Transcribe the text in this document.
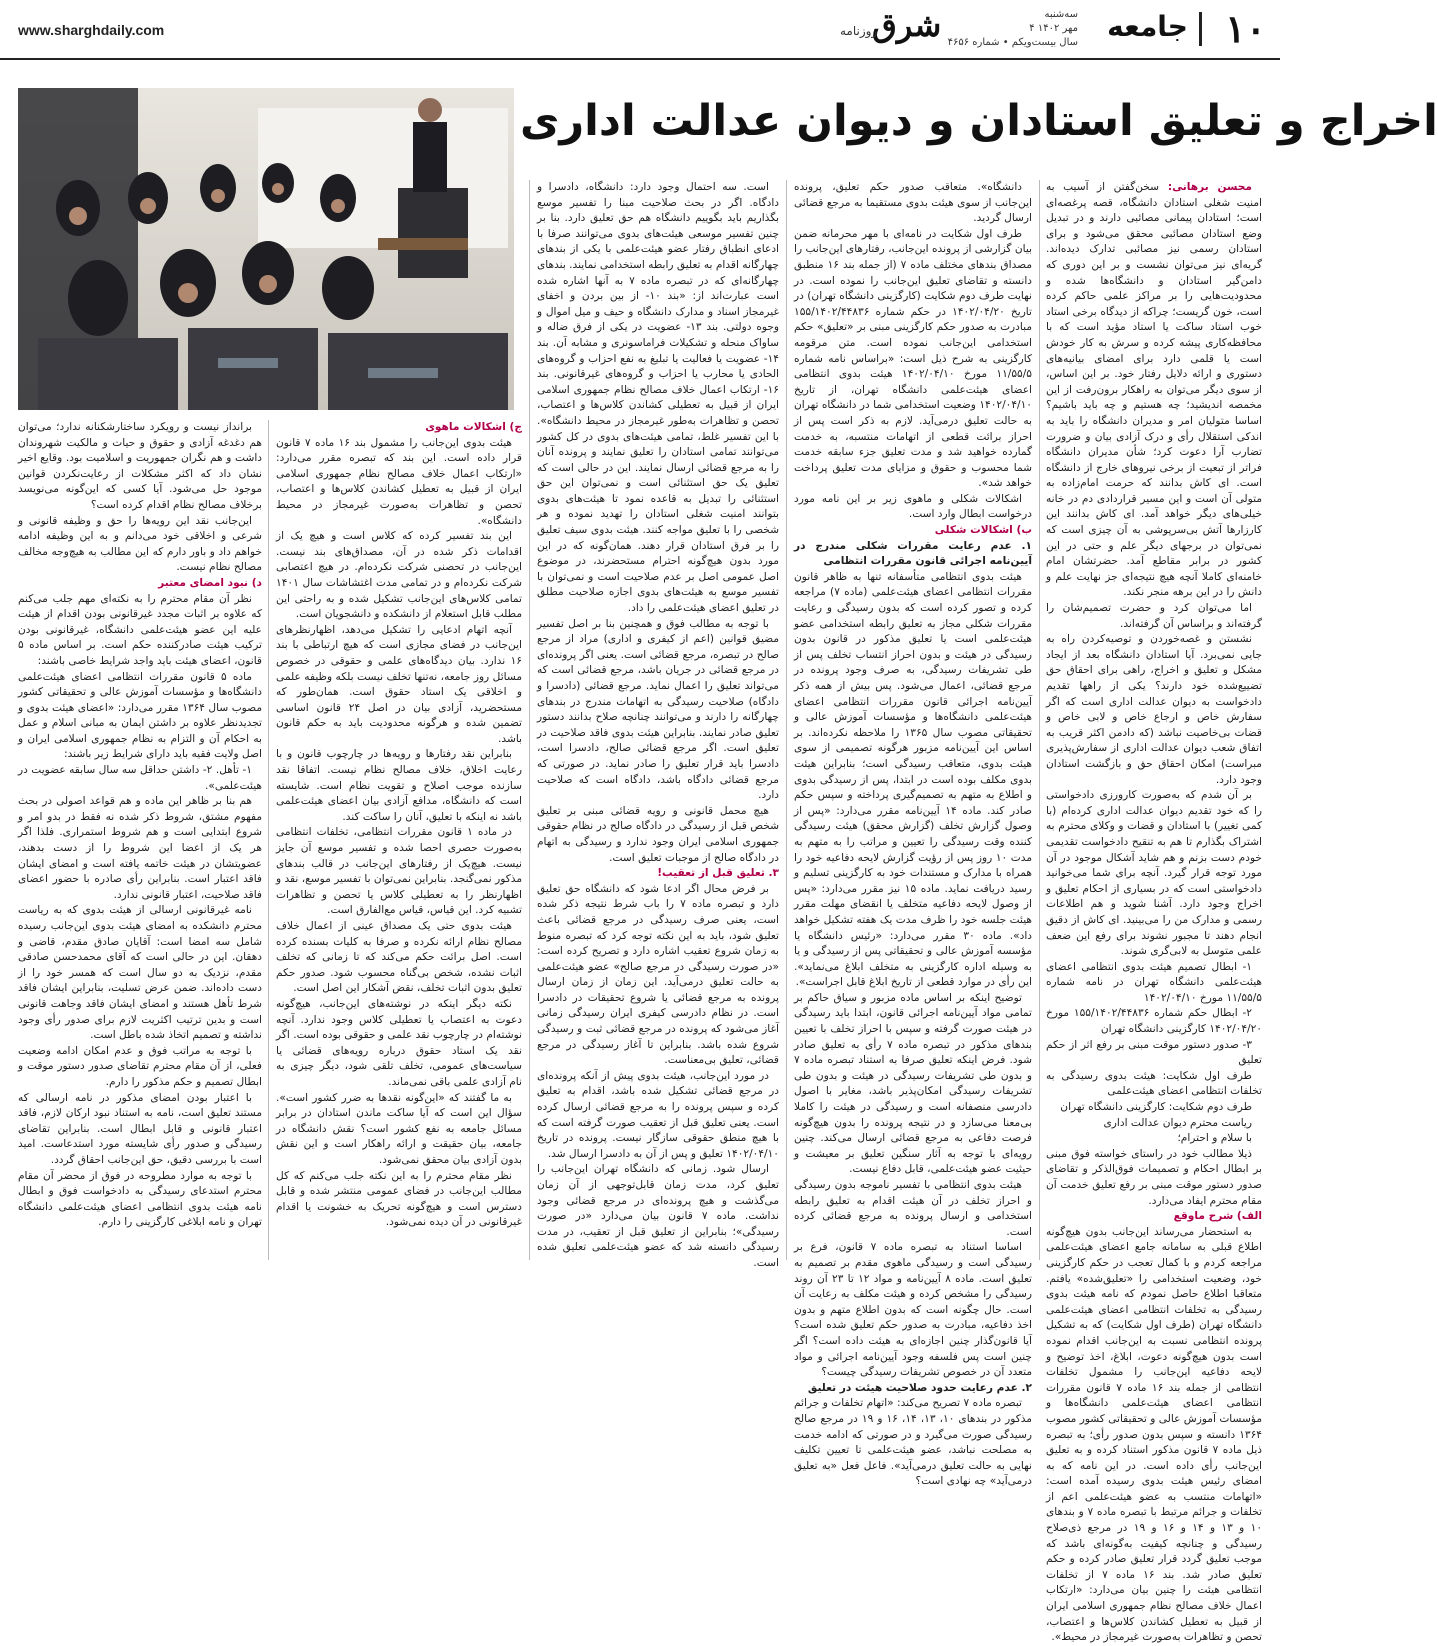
۱۰
جامعه
شرق
روزنامه
سه‌شنبه
۴ مهر ۱۴۰۲
سال بیست‌ویکم • شماره ۴۶۵۶
www.sharghdaily.com
اخراج و تعلیق استادان و دیوان عدالت اداری

محسن برهانی: سخن‌گفتن از آسیب به امنیت شغلی استادان دانشگاه، قصه پرغصه‌ای است؛ استادان پیمانی مصائبی دارند و در تبدیل وضع استادان مصائبی محقق می‌شود و برای استادان رسمی نیز مصائبی تدارک دیده‌اند. گریه‌ای نیز می‌توان نشست و بر این دوری که دامن‌گیر استادان و دانشگاه‌ها شده و محدودیت‌هایی را بر مراکز علمی حاکم کرده است، خون گریست؛ چراکه از دیدگاه برخی استاد خوب استاد ساکت یا استاد مؤید است که با محافظه‌کاری پیشه کرده و سرش به کار خودش است یا قلمی دارد برای امضای بیانیه‌های دستوری و ارائه دلایل رفتار خود. بر این اساس، از سوی دیگر می‌توان به راهکار برون‌رفت از این مخمصه اندیشید؛ چه هستیم و چه باید باشیم؟ اساسا متولیان امر و مدیران دانشگاه را باید به اندکی استقلال رأی و درک آزادی بیان و ضرورت تضارب آرا دعوت کرد؛ شأن مدیران دانشگاه فراتر از تبعیت از برخی نیروهای خارج از دانشگاه است. ای کاش بدانند که حرمت امام‌زاده به متولی آن است و این مسیر قراردادی دم در خانه خیلی‌های دیگر خواهد آمد. ای کاش بدانند این کارزارها آتش بی‌سرپوشی به آن چیزی است که نمی‌توان در برجهای دیگر علم و حتی در این کشور در برابر مقاطع آمد. حضرتشان امام خامنه‌ای کاملا آنچه هیچ نتیجه‌ای جز نهایت علم و دانش را در این برهه منجر نکند.

اما می‌توان کرد و حضرت تصمیم‌شان را گرفته‌اند و براساس آن گرفته‌اند.

نشستن و غصه‌خوردن و توصیه‌کردن راه به جایی نمی‌برد. آیا استادان دانشگاه بعد از ایجاد مشکل و تعلیق و اخراج، راهی برای احقاق حق تضییع‌شده خود دارند؟ یکی از راهها تقدیم دادخواست به دیوان عدالت اداری است که اگر سفارش خاص و ارجاع خاص و لابی خاص و قضات بی‌خاصیت نباشد (که دادمن اکثر قریب به اتفاق شعب دیوان عدالت اداری از سفارش‌پذیری مبراست) امکان احقاق حق و بازگشت استادان وجود دارد.

بر آن شدم که به‌صورت کارورزی دادخواستی را که خود تقدیم دیوان عدالت اداری کرده‌ام (با کمی تغییر) با استادان و قضات و وکلای محترم به اشتراک بگذارم تا هم به تنقیح دادخواست تقدیمی خودم دست بزنم و هم شاید آشکال موجود در آن مورد توجه قرار گیرد. آنچه برای شما می‌خوانید دادخواستی است که در بسیاری از احکام تعلیق و اخراج وجود دارد. آشنا شوید و هم اطلاعات رسمی و مدارک من را می‌بینید. ای کاش از دقیق انجام دهند تا مجبور نشوند برای رفع این ضعف علمی متوسل به لابی‌گری شوند.

۱- ابطال تصمیم هیئت بدوی انتظامی اعضای هیئت‌علمی دانشگاه تهران در نامه شماره ۱۱/۵۵/۵ مورخ ۱۴۰۲/۰۴/۱۰

۲- ابطال حکم شماره ۱۵۵/۱۴۰۲/۴۴۸۳۶ مورخ ۱۴۰۲/۰۴/۲۰ کارگزینی دانشگاه تهران

۳- صدور دستور موقت مبنی بر رفع اثر از حکم تعلیق

طرف اول شکایت: هیئت بدوی رسیدگی به تخلفات انتظامی اعضای هیئت‌علمی

طرف دوم شکایت: کارگزینی دانشگاه تهران

ریاست محترم دیوان عدالت اداری

با سلام و احترام؛

ذیلا مطالب خود در راستای خواسته فوق مبنی بر ابطال احکام و تصمیمات فوق‌الذکر و تقاضای صدور دستور موقت مبنی بر رفع تعلیق خدمت آن مقام محترم ایفاد می‌دارد.

الف) شرح ماوقع

به استحضار می‌رساند این‌جانب بدون هیچ‌گونه اطلاع قبلی به سامانه جامع اعضای هیئت‌علمی مراجعه کردم و با کمال تعجب در حکم کارگزینی خود، وضعیت استخدامی را «تعلیق‌شده» یافتم. متعاقبا اطلاع حاصل نمودم که نامه هیئت بدوی رسیدگی به تخلفات انتظامی اعضای هیئت‌علمی دانشگاه تهران (طرف اول شکایت) که به تشکیل پرونده انتظامی نسبت به این‌جانب اقدام نموده است بدون هیچ‌گونه دعوت، ابلاغ، اخذ توضیح و لایحه دفاعیه این‌جانب را مشمول تخلفات انتظامی از جمله بند ۱۶ ماده ۷ قانون مقررات انتظامی اعضای هیئت‌علمی دانشگاه‌ها و مؤسسات آموزش عالی و تحقیقاتی کشور مصوب ۱۳۶۴ دانسته و سپس بدون صدور رأی؛ به تبصره ذیل ماده ۷ قانون مذکور استناد کرده و به تعلیق این‌جانب رأی داده است. در این نامه که به امضای رئیس هیئت بدوی رسیده آمده است: «اتهامات منتسب به عضو هیئت‌علمی اعم از تخلفات و جرائم مرتبط با تبصره ماده ۷ و بندهای ۱۰ و ۱۳ و ۱۴ و ۱۶ و ۱۹ در مرجع ذی‌صلاح رسیدگی و چنانچه کیفیت به‌گونه‌ای باشد که موجب تعلیق گردد قرار تعلیق صادر کرده و حکم تعلیق صادر شد. بند ۱۶ ماده ۷ از تخلفات انتظامی هیئت را چنین بیان می‌دارد: «ارتکاب اعمال خلاف مصالح نظام جمهوری اسلامی ایران از قبیل به تعطیل کشاندن کلاس‌ها و اعتصاب، تحصن و تظاهرات به‌صورت غیرمجاز در محیط».

دانشگاه». متعاقب صدور حکم تعلیق، پرونده این‌جانب از سوی هیئت بدوی مستقیما به مرجع قضائی ارسال گردید.

طرف اول شکایت در نامه‌ای با مهر محرمانه ضمن بیان گزارشی از پرونده این‌جانب، رفتارهای این‌جانب را مصداق بندهای مختلف ماده ۷ (از جمله بند ۱۶ منطبق دانسته و تقاضای تعلیق این‌جانب را نموده است. در نهایت طرف دوم شکایت (کارگزینی دانشگاه تهران) در تاریخ ۱۴۰۲/۰۴/۲۰ در حکم شماره ۱۵۵/۱۴۰۲/۴۴۸۳۶ مبادرت به صدور حکم کارگزینی مبنی بر «تعلیق» حکم استخدامی این‌جانب نموده است. متن مرقومه کارگزینی به شرح ذیل است: «براساس نامه شماره ۱۱/۵۵/۵ مورخ ۱۴۰۲/۰۴/۱۰ هیئت بدوی انتظامی اعضای هیئت‌علمی دانشگاه تهران، از تاریخ ۱۴۰۲/۰۴/۱۰ وضعیت استخدامی شما در دانشگاه تهران به حالت تعلیق درمی‌آید. لازم به ذکر است پس از احراز برائت قطعی از اتهامات منتسبه، به خدمت گمارده خواهید شد و مدت تعلیق جزء سابقه خدمت شما محسوب و حقوق و مزایای مدت تعلیق پرداخت خواهد شد».

اشکالات شکلی و ماهوی زیر بر این نامه مورد درخواست ابطال وارد است.

ب) اشکالات شکلی

۱. عدم رعایت مقررات شکلی مندرج در آیین‌نامه اجرائی قانون مقررات انتظامی

هیئت بدوی انتظامی متأسفانه تنها به ظاهر قانون مقررات انتظامی اعضای هیئت‌علمی (ماده ۷) مراجعه کرده و تصور کرده است که بدون رسیدگی و رعایت مقررات شکلی مجاز به تعلیق رابطه استخدامی عضو هیئت‌علمی است یا تعلیق مذکور در قانون بدون رسیدگی در هیئت و بدون احراز انتساب تخلف پس از طی تشریفات رسیدگی، به صرف وجود پرونده در مرجع قضائی، اعمال می‌شود. پس بیش از همه ذکر آیین‌نامه اجرائی قانون مقررات انتظامی اعضای هیئت‌علمی دانشگاه‌ها و مؤسسات آموزش عالی و تحقیقاتی مصوب سال ۱۳۶۵ را ملاحظه نکرده‌اند. بر اساس این آیین‌نامه مزبور هرگونه تصمیمی از سوی هیئت بدوی، متعاقب رسیدگی است؛ بنابراین هیئت بدوی مکلف بوده است در ابتدا، پس از رسیدگی بدوی و اطلاع به متهم به تصمیم‌گیری پرداخته و سپس حکم صادر کند. ماده ۱۴ آیین‌نامه مقرر می‌دارد: «پس از وصول گزارش تخلف (گزارش محقق) هیئت رسیدگی کننده وقت رسیدگی را تعیین و مراتب را به متهم به مدت ۱۰ روز پس از رؤیت گزارش لایحه دفاعیه خود را همراه با مدارک و مستندات خود به کارگزینی تسلیم و رسید دریافت نماید. ماده ۱۵ نیز مقرر می‌دارد: «پس از وصول لایحه دفاعیه متخلف یا انقضای مهلت مقرر هیئت جلسه خود را ظرف مدت یک هفته تشکیل خواهد داد». ماده ۳۰ مقرر می‌دارد: «رئیس دانشگاه یا مؤسسه آموزش عالی و تحقیقاتی پس از رسیدگی و یا به وسیله اداره کارگزینی به متخلف ابلاغ می‌نماید». این رأی در موارد قطعی از تاریخ ابلاغ قابل اجراست».

توضیح اینکه بر اساس ماده مزبور و سیاق حاکم بر تمامی مواد آیین‌نامه اجرائی قانون، ابتدا باید رسیدگی در هیئت صورت گرفته و سپس با احراز تخلف با تعیین بندهای مذکور در تبصره ماده ۷ رأی به تعلیق صادر شود. فرض اینکه تعلیق صرفا به استناد تبصره ماده ۷ و بدون طی تشریفات رسیدگی در هیئت و بدون طی تشریفات رسیدگی امکان‌پذیر باشد، مغایر با اصول دادرسی منصفانه است و رسیدگی در هیئت را کاملا بی‌معنا می‌سازد و در نتیجه پرونده را بدون هیچ‌گونه فرصت دفاعی به مرجع قضائی ارسال می‌کند. چنین رویه‌ای با توجه به آثار سنگین تعلیق بر معیشت و حیثیت عضو هیئت‌علمی، قابل دفاع نیست.

هیئت بدوی انتظامی با تفسیر ناموجه بدون رسیدگی و احراز تخلف در آن هیئت اقدام به تعلیق رابطه استخدامی و ارسال پرونده به مرجع قضائی کرده است.

اساسا استناد به تبصره ماده ۷ قانون، فرع بر رسیدگی است و رسیدگی ماهوی مقدم بر تصمیم به تعلیق است. ماده ۸ آیین‌نامه و مواد ۱۲ تا ۲۳ آن روند رسیدگی را مشخص کرده و هیئت مکلف به رعایت آن است. حال چگونه است که بدون اطلاع متهم و بدون اخذ دفاعیه، مبادرت به صدور حکم تعلیق شده است؟ آیا قانون‌گذار چنین اجازه‌ای به هیئت داده است؟ اگر چنین است پس فلسفه وجود آیین‌نامه اجرائی و مواد متعدد آن در خصوص تشریفات رسیدگی چیست؟

۲. عدم رعایت حدود صلاحیت هیئت در تعلیق

تبصره ماده ۷ تصریح می‌کند: «اتهام تخلفات و جرائم مذکور در بندهای ۱۰، ۱۳، ۱۴، ۱۶ و ۱۹ در مرجع صالح رسیدگی صورت می‌گیرد و در صورتی که ادامه خدمت به مصلحت نباشد، عضو هیئت‌علمی تا تعیین تکلیف نهایی به حالت تعلیق درمی‌آید». فاعل فعل «به تعلیق درمی‌آید» چه نهادی است؟

است. سه احتمال وجود دارد: دانشگاه، دادسرا و دادگاه. اگر در بحث صلاحیت مبنا را تفسیر موسع بگذاریم باید بگوییم دانشگاه هم حق تعلیق دارد. بنا بر چنین تفسیر موسعی هیئت‌های بدوی می‌توانند صرفا با ادعای انطباق رفتار عضو هیئت‌علمی با یکی از بندهای چهارگانه اقدام به تعلیق رابطه استخدامی نمایند. بندهای چهارگانه‌ای که در تبصره ماده ۷ به آنها اشاره شده است عبارت‌اند از: «بند ۱۰- از بین بردن و اخفای غیرمجاز اسناد و مدارک دانشگاه و حیف و میل اموال و وجوه دولتی. بند ۱۳- عضویت در یکی از فرق ضاله و ساواک منحله و تشکیلات فراماسونری و مشابه آن. بند ۱۴- عضویت یا فعالیت یا تبلیغ به نفع احزاب و گروه‌های الحادی یا محارب یا احزاب و گروه‌های غیرقانونی. بند ۱۶- ارتکاب اعمال خلاف مصالح نظام جمهوری اسلامی ایران از قبیل به تعطیلی کشاندن کلاس‌ها و اعتصاب، تحصن و تظاهرات به‌طور غیرمجاز در محیط دانشگاه». با این تفسیر غلط، تمامی هیئت‌های بدوی در کل کشور می‌توانند تمامی استادان را تعلیق نمایند و پرونده آنان را به مرجع قضائی ارسال نمایند. این در حالی است که تعلیق یک حق استثنائی است و نمی‌توان این حق استثنائی را تبدیل به قاعده نمود تا هیئت‌های بدوی بتوانند امنیت شغلی استادان را تهدید نموده و هر شخصی را با تعلیق مواجه کنند. هیئت بدوی سیف تعلیق را بر فرق استادان قرار دهند. همان‌گونه که در این مورد بدون هیچ‌گونه احترام مستحضرند، در موضوع اصل عمومی اصل بر عدم صلاحیت است و نمی‌توان با تفسیر موسع به هیئت‌های بدوی اجازه صلاحیت مطلق در تعلیق اعضای هیئت‌علمی را داد.

با توجه به مطالب فوق و همچنین بنا بر اصل تفسیر مضیق قوانین (اعم از کیفری و اداری) مراد از مرجع صالح در تبصره، مرجع قضائی است. یعنی اگر پرونده‌ای در مرجع قضائی در جریان باشد، مرجع قضائی است که می‌تواند تعلیق را اعمال نماید. مرجع قضائی (دادسرا و دادگاه) صلاحیت رسیدگی به اتهامات مندرج در بندهای چهارگانه را دارند و می‌توانند چنانچه صلاح بدانند دستور تعلیق صادر نمایند. بنابراین هیئت بدوی فاقد صلاحیت در تعلیق است. اگر مرجع قضائی صالح، دادسرا است، دادسرا باید قرار تعلیق را صادر نماید. در صورتی که مرجع قضائی دادگاه باشد، دادگاه است که صلاحیت دارد.

هیچ محمل قانونی و رویه قضائی مبنی بر تعلیق شخص قبل از رسیدگی در دادگاه صالح در نظام حقوقی جمهوری اسلامی ایران وجود ندارد و رسیدگی به اتهام در دادگاه صالح از موجبات تعلیق است.

۳. تعلیق قبل از تعقیب!

بر فرض محال اگر ادعا شود که دانشگاه حق تعلیق دارد و تبصره ماده ۷ را باب شرط نتیجه ذکر شده است، یعنی صرف رسیدگی در مرجع قضائی باعث تعلیق شود، باید به این نکته توجه کرد که تبصره منوط به زمان شروع تعقیب اشاره دارد و تصریح کرده است: «در صورت رسیدگی در مرجع صالح» عضو هیئت‌علمی به حالت تعلیق درمی‌آید. این زمان از زمان ارسال پرونده به مرجع قضائی یا شروع تحقیقات در دادسرا است. در نظام دادرسی کیفری ایران رسیدگی زمانی آغاز می‌شود که پرونده در مرجع قضائی ثبت و رسیدگی شروع شده باشد. بنابراین تا آغاز رسیدگی در مرجع قضائی، تعلیق بی‌معناست.

در مورد این‌جانب، هیئت بدوی پیش از آنکه پرونده‌ای در مرجع قضائی تشکیل شده باشد، اقدام به تعلیق کرده و سپس پرونده را به مرجع قضائی ارسال کرده است. یعنی تعلیق قبل از تعقیب صورت گرفته است که با هیچ منطق حقوقی سازگار نیست. پرونده در تاریخ ۱۴۰۲/۰۴/۱۰ تعلیق و پس از آن به دادسرا ارسال شد.

ارسال شود. زمانی که دانشگاه تهران این‌جانب را تعلیق کرد، مدت زمان قابل‌توجهی از آن زمان می‌گذشت و هیچ پرونده‌ای در مرجع قضائی وجود نداشت. ماده ۷ قانون بیان می‌دارد «در صورت رسیدگی»؛ بنابراین از تعلیق قبل از تعقیب، در مدت رسیدگی دانسته شد که عضو هیئت‌علمی تعلیق شده است.

ج) اشکالات ماهوی

هیئت بدوی این‌جانب را مشمول بند ۱۶ ماده ۷ قانون قرار داده است. این بند که تبصره مقرر می‌دارد: «ارتکاب اعمال خلاف مصالح نظام جمهوری اسلامی ایران از قبیل به تعطیل کشاندن کلاس‌ها و اعتصاب، تحصن و تظاهرات به‌صورت غیرمجاز در محیط دانشگاه».

این بند تفسیر کرده که کلاس است و هیچ یک از اقدامات ذکر شده در آن، مصداق‌های بند نیست. این‌جانب در تحصنی شرکت نکرده‌ام. در هیچ اعتصابی شرکت نکرده‌ام و در تمامی مدت اغتشاشات سال ۱۴۰۱ تمامی کلاس‌های این‌جانب تشکیل شده و به راحتی این مطلب قابل استعلام از دانشکده و دانشجویان است.

آنچه اتهام ادعایی را تشکیل می‌دهد، اظهارنظرهای این‌جانب در فضای مجازی است که هیچ ارتباطی با بند ۱۶ ندارد. بیان دیدگاه‌های علمی و حقوقی در خصوص مسائل روز جامعه، نه‌تنها تخلف نیست بلکه وظیفه علمی و اخلاقی یک استاد حقوق است. همان‌طور که مستحضرید، آزادی بیان در اصل ۲۴ قانون اساسی تضمین شده و هرگونه محدودیت باید به حکم قانون باشد.

بنابراین نقد رفتارها و رویه‌ها در چارچوب قانون و با رعایت اخلاق، خلاف مصالح نظام نیست. اتفاقا نقد سازنده موجب اصلاح و تقویت نظام است. شایسته است که دانشگاه، مدافع آزادی بیان اعضای هیئت‌علمی باشد نه اینکه با تعلیق، آنان را ساکت کند.

در ماده ۱ قانون مقررات انتظامی، تخلفات انتظامی به‌صورت حصری احصا شده و تفسیر موسع آن جایز نیست. هیچ‌یک از رفتارهای این‌جانب در قالب بندهای مذکور نمی‌گنجد. بنابراین نمی‌توان با تفسیر موسع، نقد و اظهارنظر را به تعطیلی کلاس یا تحصن و تظاهرات تشبیه کرد. این قیاس، قیاس مع‌الفارق است.

هیئت بدوی حتی یک مصداق عینی از اعمال خلاف مصالح نظام ارائه نکرده و صرفا به کلیات بسنده کرده است. اصل برائت حکم می‌کند که تا زمانی که تخلف اثبات نشده، شخص بی‌گناه محسوب شود. صدور حکم تعلیق بدون اثبات تخلف، نقض آشکار این اصل است.

نکته دیگر اینکه در نوشته‌های این‌جانب، هیچ‌گونه دعوت به اعتصاب یا تعطیلی کلاس وجود ندارد. آنچه نوشته‌ام در چارچوب نقد علمی و حقوقی بوده است. اگر نقد یک استاد حقوق درباره رویه‌های قضائی یا سیاست‌های عمومی، تخلف تلقی شود، دیگر چیزی به نام آزادی علمی باقی نمی‌ماند.

به ما گفتند که «این‌گونه نقدها به ضرر کشور است». سؤال این است که آیا ساکت ماندن استادان در برابر مسائل جامعه به نفع کشور است؟ نقش دانشگاه در جامعه، بیان حقیقت و ارائه راهکار است و این نقش بدون آزادی بیان محقق نمی‌شود.

نظر مقام محترم را به این نکته جلب می‌کنم که کل مطالب این‌جانب در فضای عمومی منتشر شده و قابل دسترس است و هیچ‌گونه تحریک به خشونت یا اقدام غیرقانونی در آن دیده نمی‌شود.

برانداز نیست و رویکرد ساختارشکنانه ندارد؛ می‌توان هم دغدغه آزادی و حقوق و حیات و مالکیت شهروندان داشت و هم نگران جمهوریت و اسلامیت بود. وقایع اخیر نشان داد که اکثر مشکلات از رعایت‌نکردن قوانین موجود حل می‌شود. آیا کسی که این‌گونه می‌نویسد برخلاف مصالح نظام اقدام کرده است؟

این‌جانب نقد این رویه‌ها را حق و وظیفه قانونی و شرعی و اخلاقی خود می‌دانم و به این وظیفه ادامه خواهم داد و باور دارم که این مطالب به هیچ‌وجه مخالف مصالح نظام نیست.

د) نبود امضای معتبر

نظر آن مقام محترم را به نکته‌ای مهم جلب می‌کنم که علاوه بر اثبات مجدد غیرقانونی بودن اقدام از هیئت علیه این عضو هیئت‌علمی دانشگاه، غیرقانونی بودن ترکیب هیئت صادرکننده حکم است. بر اساس ماده ۵ قانون، اعضای هیئت باید واجد شرایط خاصی باشند:

ماده ۵ قانون مقررات انتظامی اعضای هیئت‌علمی دانشگاه‌ها و مؤسسات آموزش عالی و تحقیقاتی کشور مصوب سال ۱۳۶۴ مقرر می‌دارد: «اعضای هیئت بدوی و تجدیدنظر علاوه بر داشتن ایمان به مبانی اسلام و عمل به احکام آن و التزام به نظام جمهوری اسلامی ایران و اصل ولایت فقیه باید دارای شرایط زیر باشند:

۱- تأهل. ۲- داشتن حداقل سه سال سابقه عضویت در هیئت‌علمی».

هم بنا بر ظاهر این ماده و هم قواعد اصولی در بحث مفهوم مشتق، شروط ذکر شده نه فقط در بدو امر و شروع ابتدایی است و هم شروط استمراری. فلذا اگر هر یک از اعضا این شروط را از دست بدهند، عضویتشان در هیئت خاتمه یافته است و امضای ایشان فاقد اعتبار است. بنابراین رأی صادره با حضور اعضای فاقد صلاحیت، اعتبار قانونی ندارد.

نامه غیرقانونی ارسالی از هیئت بدوی که به ریاست محترم دانشکده به امضای هیئت بدوی این‌جانب رسیده شامل سه امضا است: آقایان صادق مقدم، قاضی و دهقان. این در حالی است که آقای محمدحسن صادقی مقدم، نزدیک به دو سال است که همسر خود را از دست داده‌اند. ضمن عرض تسلیت، بنابراین ایشان فاقد شرط تأهل هستند و امضای ایشان فاقد وجاهت قانونی است و بدین ترتیب اکثریت لازم برای صدور رأی وجود نداشته و تصمیم اتخاذ شده باطل است.

با توجه به مراتب فوق و عدم امکان ادامه وضعیت فعلی، از آن مقام محترم تقاضای صدور دستور موقت و ابطال تصمیم و حکم مذکور را دارم.

با اعتبار بودن امضای مذکور در نامه ارسالی که مستند تعلیق است، نامه به استناد نبود ارکان لازم، فاقد اعتبار قانونی و قابل ابطال است. بنابراین تقاضای رسیدگی و صدور رأی شایسته مورد استدعاست. امید است با بررسی دقیق، حق این‌جانب احقاق گردد.

با توجه به موارد مطروحه در فوق از محضر آن مقام محترم استدعای رسیدگی به دادخواست فوق و ابطال نامه هیئت بدوی انتظامی اعضای هیئت‌علمی دانشگاه تهران و نامه ابلاغی کارگزینی را دارم.
